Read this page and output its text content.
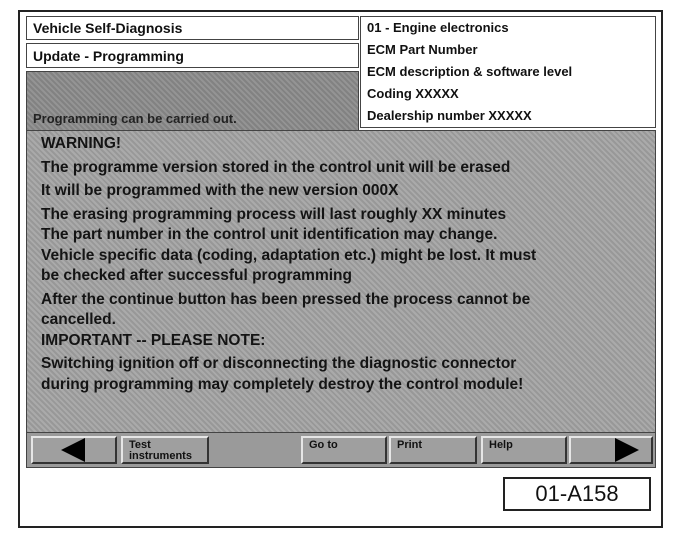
Vehicle Self-Diagnosis
Update - Programming
Programming can be carried out.
01 - Engine electronics
ECM Part Number
ECM description & software level
Coding XXXXX
Dealership number XXXXX

WARNING!

The programme version stored in the control unit will be erased

It will be programmed with the new version 000X

The erasing programming process will last roughly XX minutes

The part number in the control unit identification may change.

Vehicle specific data (coding, adaptation etc.) might be lost. It must

be checked after successful programming

After the continue button has been pressed the process cannot be

cancelled.

IMPORTANT -- PLEASE NOTE:

Switching ignition off or disconnecting the diagnostic connector

during programming may completely destroy the control module!

Test
instruments
Go to	Print	Help
01-A158
